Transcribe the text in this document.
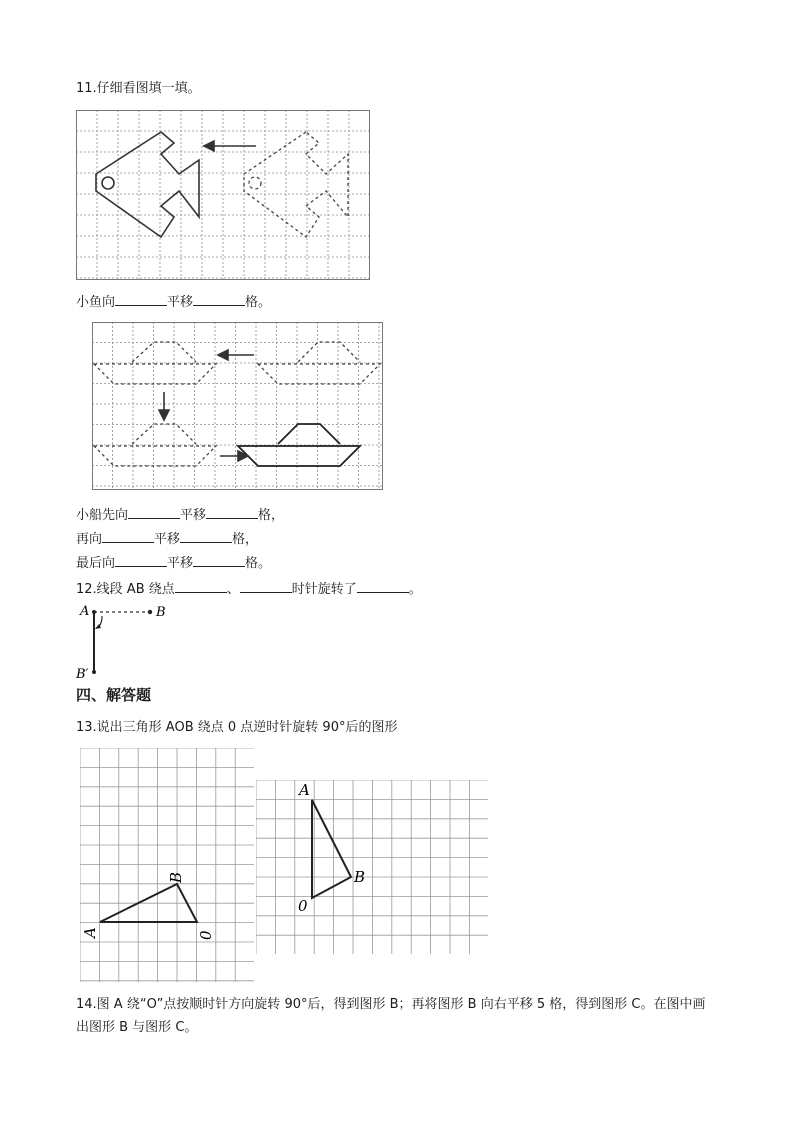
11.仔细看图填一填。
小鱼向	平移	格。
小船先向	平移	格，
再向	平移	格，
最后向	平移	格。
12.线段 AB 绕点	、	时针旋转了	。
A	B
B′
四、解答题
13.说出三角形 AOB 绕点 0 点逆时针旋转 90°后的图形
A
B
0
A
B
0
14.图 A 绕“O”点按顺时针方向旋转 90°后，得到图形 B；再将图形 B 向右平移 5 格，得到图形 C。在图中画
出图形 B 与图形 C。
